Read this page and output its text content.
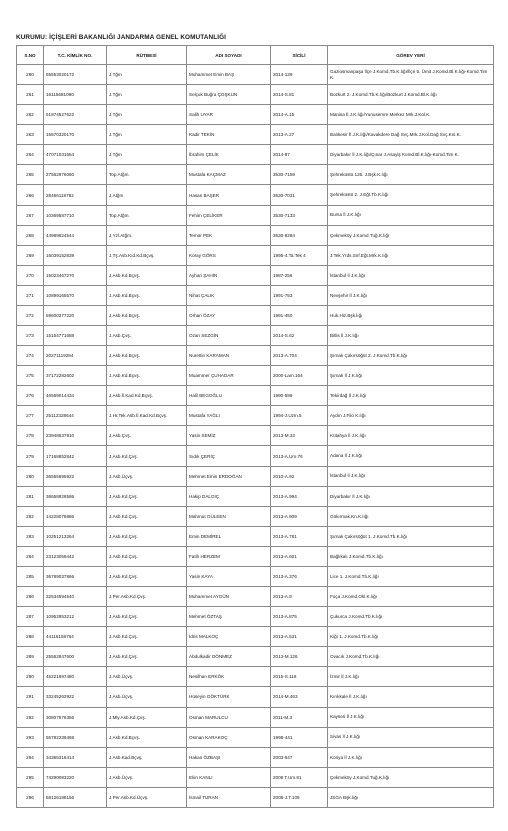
KURUMU: İÇİŞLERİ BAKANLIĞI JANDARMA GENEL KOMUTANLIĞI
S.NO	T.C. KİMLİK NO.	RÜTBESİ	ADI SOYADI	SİCİLİ	GÖREV YERİ
260	65553020172	J.Tğm	Muhammet Emin BAŞ	2014-139	Gaziosmanpaşa İlçe J.Komd.Tb.K.lığı/İlçe 5. Ümit J.Komd.Bl.K.lığı-Komd.Tim K.
261	16115681090	J.Tğm	Selçuk Buğra ÇOŞKUN	2014-S.81	Bozkurt 2. J.Komd.Tb.K.lığı/Bozkurt J.Komd.Bl.K.lığı
262	51874527622	J.Tğm	Salih UYAR	2014-A.15	Manisa İl J.K.lığı/Yunusemre Merkez Mrk.J.Kol.K.
263	15570320170	J.Tğm	Kadir TEKİN	2013-A.27	Balıkesir İl J.K.lığı/Kavakdere Dağ Svç.Mrk.J.Kol.Dağ Svç.Kıs.K.
264	47071031554	J.Tğm	İbrahim ÇELİK	2014-87	Diyarbakır İl J.K.lığı/Çınar J.Asayiş Komd.Bl.K.lığı-Komd.Tim K.
265	27562976060	Top.Atğm.	Mustafa KAÇMAZ	3530-7159	Şehreküstü 126. J.Bşk.K.lığı
266	28466118782	J.Atğm	Hasan BAŞER	3530-7031	Şehreküstü 2. J.Eğt.Tb.K.lığı
267	10369587710	Top.Atğm.	Fehim ÇELİKER	3530-7133	Bursa İl J.K.lığı
268	44989624544	J.Yzl.Atğm.	Temür PEK	3530-8284	Çekmeköy J.Komd.Tuğ.K.lığı
269	16039152839	J.Tş.Asb.Kıd.Kd.Bçvş.	Koray GÖRS	1995-4.Ta.Tek 4	J.Tek.Yrds.Snf.Eğt.Mrk.K.lığı
270	15023467270	J.Asb.Kd.Bçvş.	Ayhan ŞAHİN	1987-256	İstanbul İl J.K.lığı
271	10899165570	J.Asb.Kd.Bçvş.	Nihat ÇALIK	1991-753	Nevşehir İl J.K.lığı
272	59600377220	J.Asb.Kd.Bçvş.	Orhan ÖZAY	1991-450	Huk.Hiz.Bşk.lığı
273	15154771688	J.Asb.Çvş.	Ozan SEZGİN	2014-S.62	Bitlis İl J.K.lığı
274	20271119284	J.Asb.Kd.Bçvş.	Nurettin KARAMAN	2013-A.704	Şırnak Çakırsöğüt 2. J.Komd.Tb.K.lığı
275	37172282602	J.Asb.Kd.Bçvş.	Muammer ÇUHADAR	2000-Lam.164	Şırnak İl J.K.lığı
276	46559014434	J.Asb.İl.Kad.Kd.Bçvş.	Halil BEGOĞLU	1990-599	Tekirdağ İl J.K.lığı
277	25112328644	J.Hr.Tek.Asb.İl.Kad.Kd.Bçvş.	Mustafa YAĞLI	1994-J.Uzm.5	Aydın J.Filo K.lığı
278	23948537810	J.Asb.Çvş.	Yasin SEMİZ	2013-M.33	Kütahya İl J.K.lığı
279	17168852842	J.Asb.Kd.Çvş.	Sıdık ÇERİÇ	2013-A.Um.76	Adana İl J.K.lığı
280	36555695922	J.Asb.Üçvş.	Mehmet Emin ERDOĞAN	2010-A.92	İstanbul İl J.K.lığı
281	36658926586	J.Asb.Kd.Çvş.	Hakip DALGIÇ	2013-A.994	Diyarbakır İl J.K.lığı
282	14228078886	J.Asb.Kd.Çvş.	Mahmut GÜLEEN	2013-A.909	Gökırmak.Kn.K.lığı
283	10251213264	J.Asb.Kd.Çvş.	Emin DEMİREL	2013-A.781	Şırnak Çakırsöğüt 1. J.Komd.Tb.K.lığı
284	23123059442	J.Asb.Kd.Çvş.	Fatih HERZEM	2013-A.601	Bağlıkalı J.Komd.Tb.K.lığı
285	36789037866	J.Asb.Kd.Çvş.	Yasin KAYA	2013-A.376	Lice 1. J.Komd.Tb.K.lığı
286	32534594540	J.Per.Asb.Kd.Çvş.	Muhammet AYGÜN	2013-A.9	Foça J.Komd.Okl.K.lığı
287	10952853212	J.Asb.Kd.Çvş.	Mehmet ÖZTAŞ	2013-A.875	Çukurca J.Komd.Tb.K.lığı
288	44116158784	J.Asb.Kd.Çvş.	İdris MALKOÇ	2013-A.531	Kiğı 1. J.Komd.Tb.K.lığı
289	25552847600	J.Asb.Kd.Çvş.	Abdulkadir DÖNMEZ	2013-M.126	Ovacık J.Komd.Tb.K.lığı
290	45221697480	J.Asb.Üçvş.	Nesilhan ERKÖK	2015-S.118	İzmir İl J.K.lığı
291	33245262922	J.Asb.Üçvş.	Hüseyin GÖKTÜRK	2014-M.463	Kırıkkale İl J.K.lığı
292	30807576356	J.Mly.Asb.Kd.Çvş.	Osman MARULCU	2011-M.3	Kayseri İl J.K.lığı
293	55782236468	J.Asb.Kd.Bçvş.	Osman KARAKOÇ	1998-441	Sivas İl J.K.lığı
294	34365316414	J.Asb.Kad.Bçvş.	Hakan ÖZBAŞI	2003-547	Konya İl J.K.lığı
295	74290083220	J.Asb.Üçvş.	Ekin KANLI	2008 T.Um.81	Çekmeköy J.Komd.Tuğ.K.lığı
296	58126188156	J.Per.Asb.Kd.Üçvş.	İsmail TURAN	2006-J.T.109	JSGA Bşk.lığı
